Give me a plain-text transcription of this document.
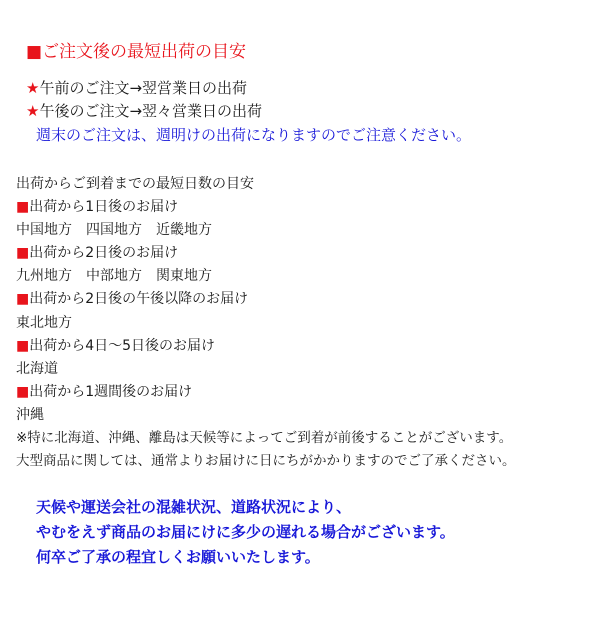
■ご注文後の最短出荷の目安
★午前のご注文→翌営業日の出荷
★午後のご注文→翌々営業日の出荷
週末のご注文は、週明けの出荷になりますのでご注意ください。
出荷からご到着までの最短日数の目安
■出荷から1日後のお届け
中国地方　四国地方　近畿地方
■出荷から2日後のお届け
九州地方　中部地方　関東地方
■出荷から2日後の午後以降のお届け
東北地方
■出荷から4日～5日後のお届け
北海道
■出荷から1週間後のお届け
沖縄
※特に北海道、沖縄、離島は天候等によってご到着が前後することがございます。
大型商品に関しては、通常よりお届けに日にちがかかりますのでご了承ください。
天候や運送会社の混雑状況、道路状況により、
やむをえず商品のお届にけに多少の遅れる場合がございます。
何卒ご了承の程宜しくお願いいたします。
